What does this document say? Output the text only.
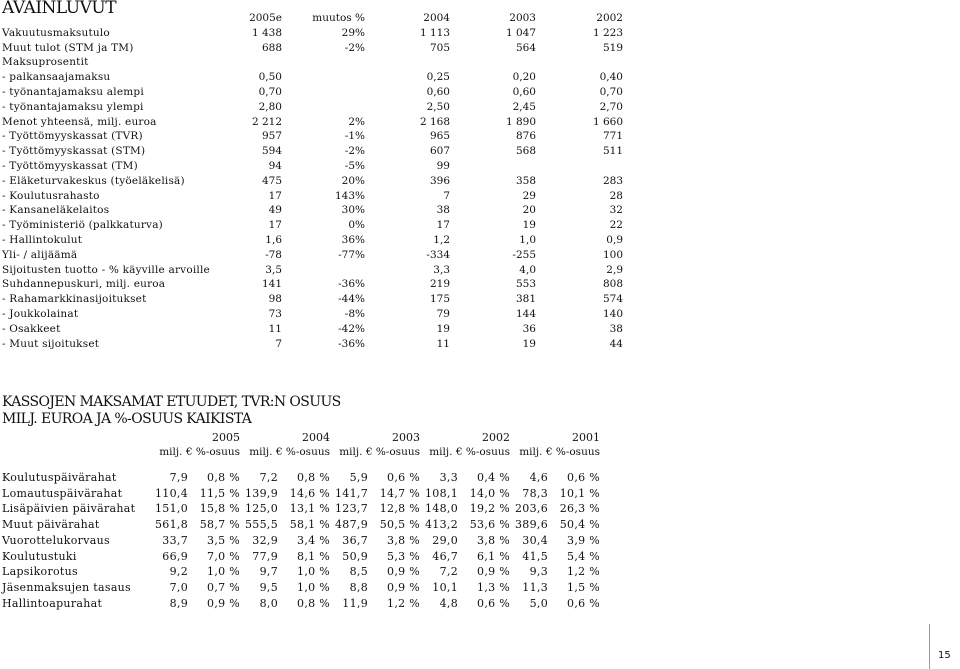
AVAINLUVUT
		2005e	muutos %	2004	2003	2002
Vakuutusmaksutulo	1 438	29%	1 113	1 047	1 223
Muut tulot (STM ja TM)	688	-2%	705	564	519
Maksuprosentit					
- palkansaajamaksu	0,50		0,25	0,20	0,40
- työnantajamaksu alempi	0,70		0,60	0,60	0,70
- työnantajamaksu ylempi	2,80		2,50	2,45	2,70
Menot yhteensä, milj. euroa	2 212	2%	2 168	1 890	1 660
- Työttömyyskassat (TVR)	957	-1%	965	876	771
- Työttömyyskassat (STM)	594	-2%	607	568	511
- Työttömyyskassat (TM)	94	-5%	99		
- Eläketurvakeskus (työeläkelisä)	475	20%	396	358	283
- Koulutusrahasto	17	143%	7	29	28
- Kansaneläkelaitos	49	30%	38	20	32
- Työministeriö (palkkaturva)	17	0%	17	19	22
- Hallintokulut	1,6	36%	1,2	1,0	0,9
Yli- / alijäämä	-78	-77%	-334	-255	100
Sijoitusten tuotto - % käyville arvoille	3,5		3,3	4,0	2,9
Suhdannepuskuri, milj. euroa	141	-36%	219	553	808
- Rahamarkkinasijoitukset	98	-44%	175	381	574
- Joukkolainat	73	-8%	79	144	140
- Osakkeet	11	-42%	19	36	38
- Muut sijoitukset	7	-36%	11	19	44
KASSOJEN MAKSAMAT ETUUDET, TVR:N OSUUS
MILJ. EUROA JA %-OSUUS KAIKISTA
	2005		2004		2003		2002		2001	
	milj. € %-osuus		milj. € %-osuus		milj. € %-osuus		milj. € %-osuus		milj. € %-osuus	

Koulutuspäivärahat	7,9	0,8 %	7,2	0,8 %	5,9	0,6 %	3,3	0,4 %	4,6	0,6 %
Lomautuspäivärahat	110,4	11,5 %	139,9	14,6 %	141,7	14,7 %	108,1	14,0 %	78,3	10,1 %
Lisäpäivien päivärahat	151,0	15,8 %	125,0	13,1 %	123,7	12,8 %	148,0	19,2 %	203,6	26,3 %
Muut päivärahat	561,8	58,7 %	555,5	58,1 %	487,9	50,5 %	413,2	53,6 %	389,6	50,4 %
Vuorottelukorvaus	33,7	3,5 %	32,9	3,4 %	36,7	3,8 %	29,0	3,8 %	30,4	3,9 %
Koulutustuki	66,9	7,0 %	77,9	8,1 %	50,9	5,3 %	46,7	6,1 %	41,5	5,4 %
Lapsikorotus	9,2	1,0 %	9,7	1,0 %	8,5	0,9 %	7,2	0,9 %	9,3	1,2 %
Jäsenmaksujen tasaus	7,0	0,7 %	9,5	1,0 %	8,8	0,9 %	10,1	1,3 %	11,3	1,5 %
Hallintoapurahat	8,9	0,9 %	8,0	0,8 %	11,9	1,2 %	4,8	0,6 %	5,0	0,6 %
15
